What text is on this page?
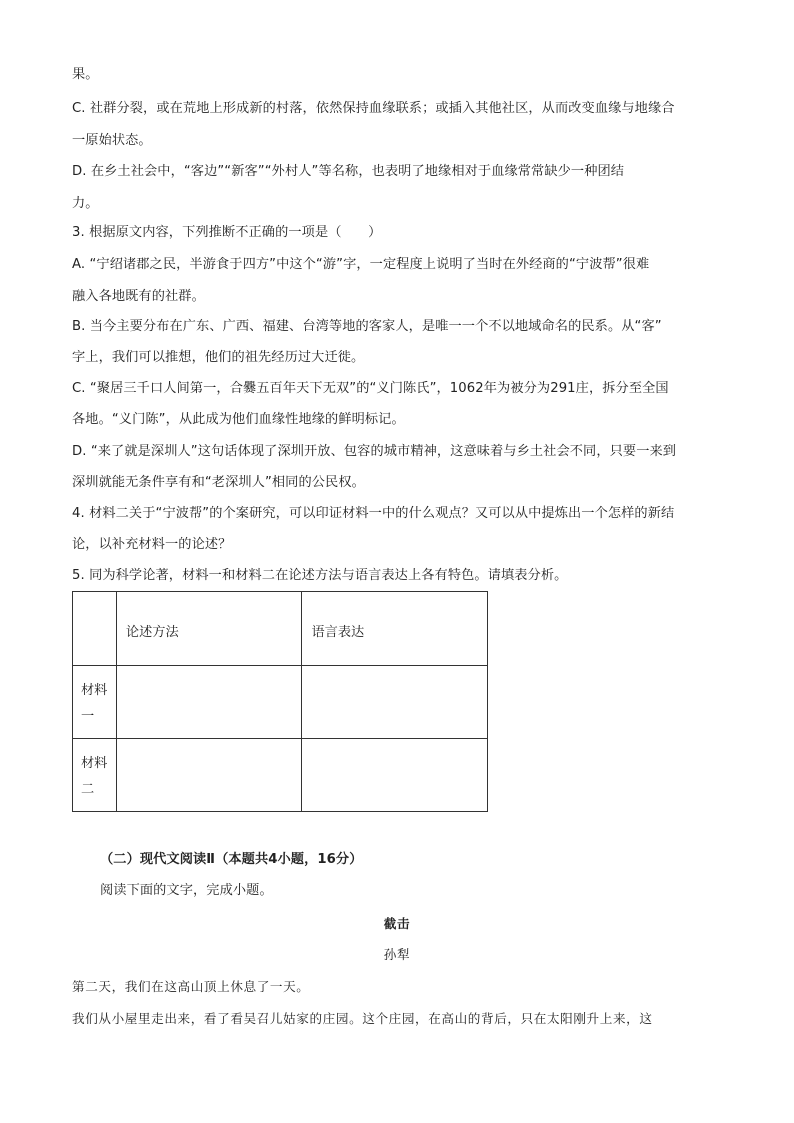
果。
C. 社群分裂，或在荒地上形成新的村落，依然保持血缘联系；或插入其他社区，从而改变血缘与地缘合
一原始状态。
D. 在乡土社会中，“客边”“新客”“外村人”等名称，也表明了地缘相对于血缘常常缺少一种团结
力。
3. 根据原文内容，下列推断不正确的一项是（　　）
A. “宁绍诸郡之民，半游食于四方”中这个“游”字，一定程度上说明了当时在外经商的“宁波帮”很难
融入各地既有的社群。
B. 当今主要分布在广东、广西、福建、台湾等地的客家人，是唯一一个不以地域命名的民系。从“客”
字上，我们可以推想，他们的祖先经历过大迁徙。
C. “聚居三千口人间第一，合爨五百年天下无双”的“义门陈氏”，1062年为被分为291庄，拆分至全国
各地。“义门陈”，从此成为他们血缘性地缘的鲜明标记。
D. “来了就是深圳人”这句话体现了深圳开放、包容的城市精神，这意味着与乡土社会不同，只要一来到
深圳就能无条件享有和“老深圳人”相同的公民权。
4. 材料二关于“宁波帮”的个案研究，可以印证材料一中的什么观点？又可以从中提炼出一个怎样的新结
论，以补充材料一的论述？
5. 同为科学论著，材料一和材料二在论述方法与语言表达上各有特色。请填表分析。

	论述方法	语言表达

材料
一		

材料
二		

（二）现代文阅读Ⅱ（本题共4小题，16分）
阅读下面的文字，完成小题。
截击
孙犁
第二天，我们在这高山顶上休息了一天。
我们从小屋里走出来，看了看吴召儿姑家的庄园。这个庄园，在高山的背后，只在太阳刚升上来，这
